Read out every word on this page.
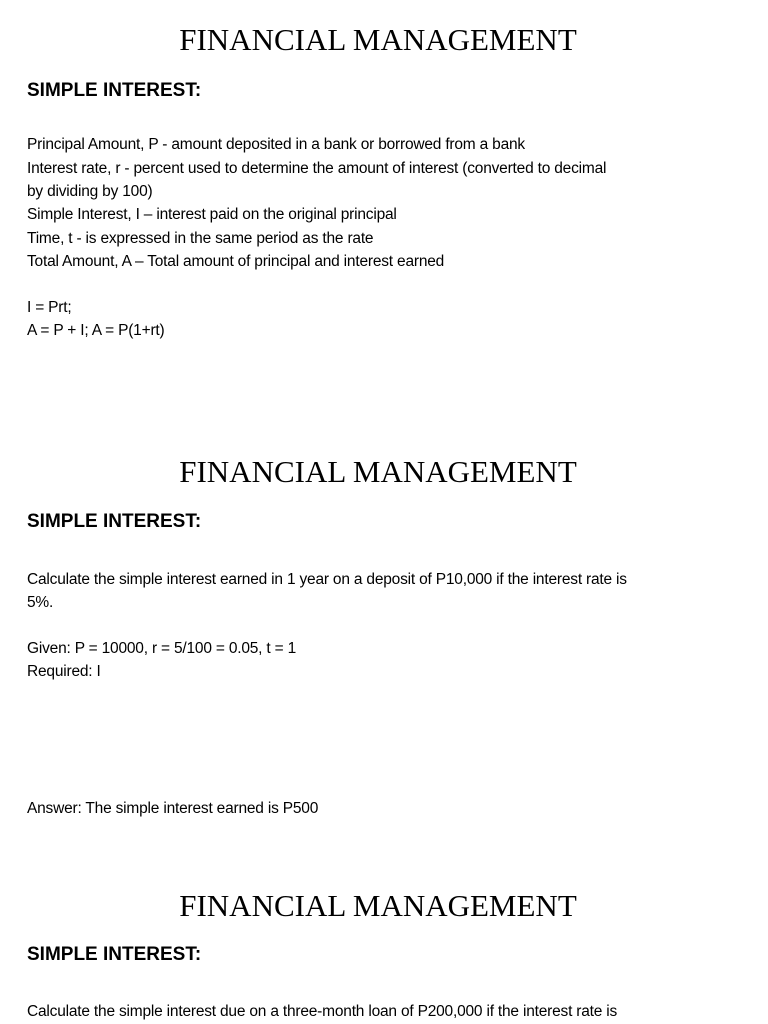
FINANCIAL MANAGEMENT
SIMPLE INTEREST:
Principal Amount, P - amount deposited in a bank or borrowed from a bank
Interest rate, r - percent used to determine the amount of interest (converted to decimal
by dividing by 100)
Simple Interest, I – interest paid on the original principal
Time, t - is expressed in the same period as the rate
Total Amount, A – Total amount of principal and interest earned
I = Prt;
A = P + I; A = P(1+rt)
FINANCIAL MANAGEMENT
SIMPLE INTEREST:
Calculate the simple interest earned in 1 year on a deposit of P10,000 if the interest rate is
5%.
Given: P = 10000, r = 5/100 = 0.05, t = 1
Required: I
Answer: The simple interest earned is P500
FINANCIAL MANAGEMENT
SIMPLE INTEREST:
Calculate the simple interest due on a three-month loan of P200,000 if the interest rate is
